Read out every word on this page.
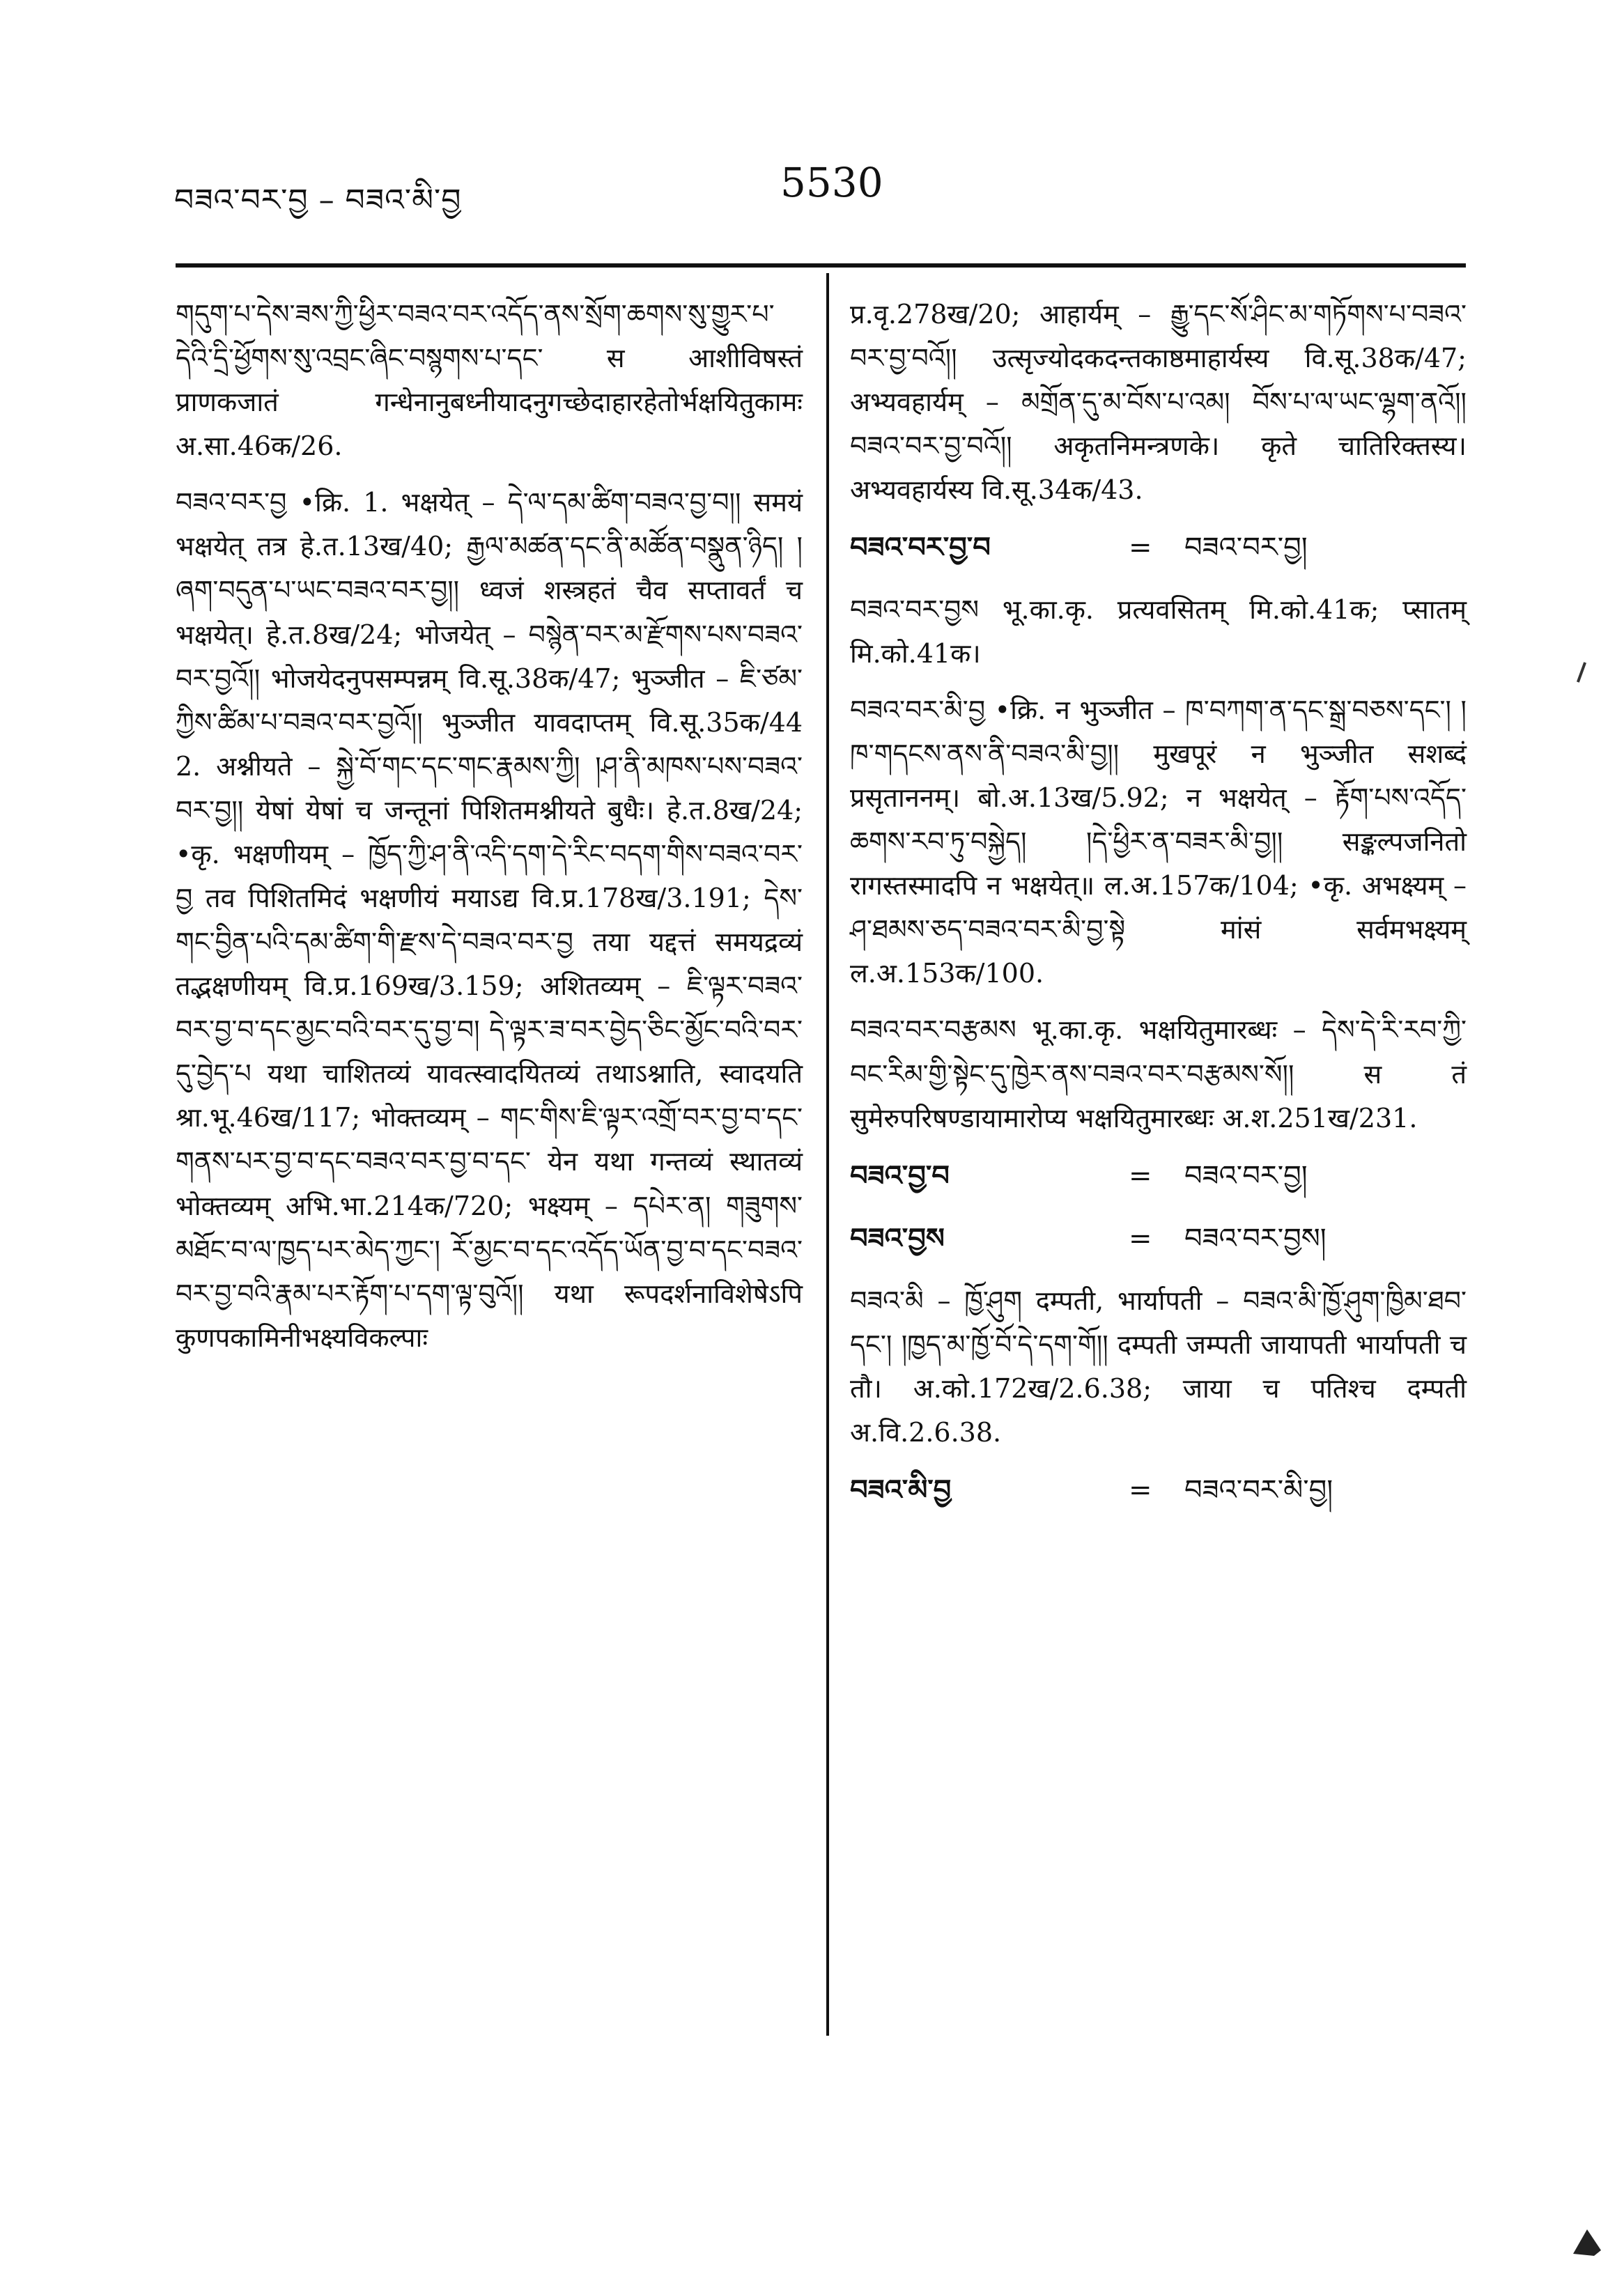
བཟའ་བར་བྱ – བཟའ་མི་བྱ	5530

གདུག་པ་དེས་ཟས་ཀྱི་ཕྱིར་བཟའ་བར་འདོད་ནས་སྲོག་ཆགས་སུ་གྱུར་པ་དེའི་དྲི་ཕྱོགས་སུ་འབྲང་ཞིང་བསྙགས་པ་དང་ स आशीविषस्तं प्राणकजातं गन्धेनानुबध्नीयादनुगच्छेदाहारहेतोर्भक्षयितुकामः अ.सा.46क/26.

བཟའ་བར་བྱ •क्रि. 1. भक्षयेत् – དེ་ལ་དམ་ཚིག་བཟའ་བྱ་བ།། समयं भक्षयेत् तत्र हे.त.13ख/40; རྒྱལ་མཚན་དང་ནི་མཚོན་བསྣུན་ཉིད། །ཞག་བདུན་པ་ཡང་བཟའ་བར་བྱ།། ध्वजं शस्त्रहतं चैव सप्तावर्तं च भक्षयेत्। हे.त.8ख/24; भोजयेत् – བསྙེན་བར་མ་རྫོགས་པས་བཟའ་བར་བྱའོ།། भोजयेदनुपसम्पन्नम् वि.सू.38क/47; भुञ्जीत – ཇི་ཙམ་ཀྱིས་ཚིམ་པ་བཟའ་བར་བྱའོ།། भुञ्जीत यावदाप्तम् वि.सू.35क/44 2. अश्नीयते – སྐྱེ་བོ་གང་དང་གང་རྣམས་ཀྱི། །ཤ་ནི་མཁས་པས་བཟའ་བར་བྱ།། येषां येषां च जन्तूनां पिशितमश्नीयते बुधैः। हे.त.8ख/24; •कृ. भक्षणीयम् – ཁྱོད་ཀྱི་ཤ་ནི་འདི་དག་དེ་རིང་བདག་གིས་བཟའ་བར་བྱ तव पिशितमिदं भक्षणीयं मयाऽद्य वि.प्र.178ख/3.191; དེས་གང་བྱིན་པའི་དམ་ཚིག་གི་རྫས་དེ་བཟའ་བར་བྱ तया यद्दत्तं समयद्रव्यं तद्भक्षणीयम् वि.प्र.169ख/3.159; अशितव्यम् – ཇི་ལྟར་བཟའ་བར་བྱ་བ་དང་མྱང་བའི་བར་དུ་བྱ་བ། དེ་ལྟར་ཟ་བར་བྱེད་ཅིང་མྱོང་བའི་བར་དུ་བྱེད་པ यथा चाशितव्यं यावत्स्वादयितव्यं तथाऽश्नाति, स्वादयति श्रा.भू.46ख/117; भोक्तव्यम् – གང་གིས་ཇི་ལྟར་འགྲོ་བར་བྱ་བ་དང་གནས་པར་བྱ་བ་དང་བཟའ་བར་བྱ་བ་དང་ येन यथा गन्तव्यं स्थातव्यं भोक्तव्यम् अभि.भा.214क/720; भक्ष्यम् – དཔེར་ན། གཟུགས་མཐོང་བ་ལ་ཁྱད་པར་མེད་ཀྱང་། རོ་མྱང་བ་དང་འདོད་ཡོན་བྱ་བ་དང་བཟའ་བར་བྱ་བའི་རྣམ་པར་རྟོག་པ་དག་ལྟ་བུའོ།། यथा रूपदर्शनाविशेषेऽपि कुणपकामिनीभक्ष्यविकल्पाः

प्र.वृ.278ख/20; आहार्यम् – རྒྱུ་དང་སོ་ཤིང་མ་གཏོགས་པ་བཟའ་བར་བྱ་བའོ།། उत्सृज्योदकदन्तकाष्ठमाहार्यस्य वि.सू.38क/47; अभ्यवहार्यम् – མགྲོན་དུ་མ་བོས་པ་འམ། བོས་པ་ལ་ཡང་ལྷག་ནའོ།། བཟའ་བར་བྱ་བའོ།། अकृतनिमन्त्रणके। कृते चातिरिक्तस्य। अभ्यवहार्यस्य वि.सू.34क/43.

བཟའ་བར་བྱ་བ	=	བཟའ་བར་བྱ།

བཟའ་བར་བྱས भू.का.कृ. प्रत्यवसितम् मि.को.41क; प्सातम् मि.को.41क।

བཟའ་བར་མི་བྱ •क्रि. न भुञ्जीत – ཁ་བཀག་ན་དང་སྒྲ་བཅས་དང་། །ཁ་གདངས་ནས་ནི་བཟའ་མི་བྱ།། मुखपूरं न भुञ्जीत सशब्दं प्रसृताननम्। बो.अ.13ख/5.92; न भक्षयेत् – རྟོག་པས་འདོད་ཆགས་རབ་ཏུ་བསྐྱེད། །དེ་ཕྱིར་ན་བཟར་མི་བྱ།། सङ्कल्पजनितो रागस्तस्मादपि न भक्षयेत्॥ ल.अ.157क/104; •कृ. अभक्ष्यम् – ཤ་ཐམས་ཅད་བཟའ་བར་མི་བྱ་སྟེ मांसं सर्वमभक्ष्यम् ल.अ.153क/100.

བཟའ་བར་བརྩམས भू.का.कृ. भक्षयितुमारब्धः – དེས་དེ་རི་རབ་ཀྱི་བང་རིམ་གྱི་སྟེང་དུ་ཁྱེར་ནས་བཟའ་བར་བརྩམས་སོ།། स तं सुमेरुपरिषण्डायामारोप्य भक्षयितुमारब्धः अ.श.251ख/231.

བཟའ་བྱ་བ	=	བཟའ་བར་བྱ།
བཟའ་བྱས	=	བཟའ་བར་བྱས།

བཟའ་མི – ཁྱོ་ཤུག दम्पती, भार्यापती – བཟའ་མི་ཁྱོ་ཤུག་ཁྱིམ་ཐབ་དང་། །ཁྱད་མ་ཁྱོ་བོ་དེ་དག་གོ།། दम्पती जम्पती जायापती भार्यापती च तौ। अ.को.172ख/2.6.38; जाया च पतिश्च दम्पती अ.वि.2.6.38.

བཟའ་མི་བྱ	=	བཟའ་བར་མི་བྱ།
